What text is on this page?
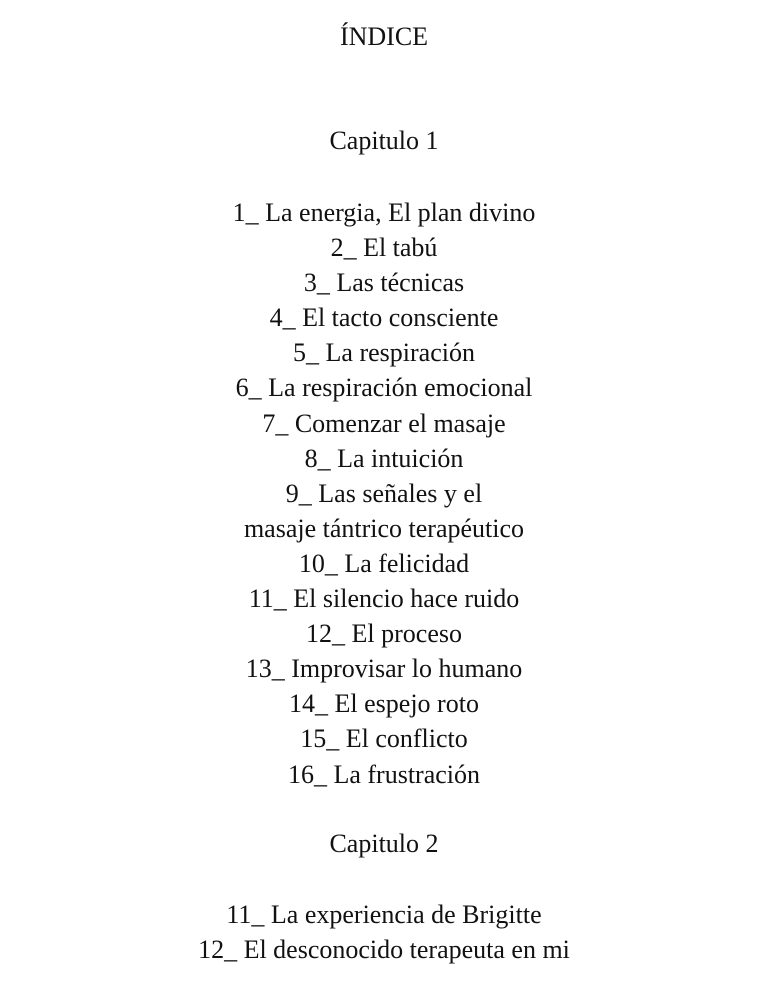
ÍNDICE
Capitulo 1
1_ La energia, El plan divino
2_ El tabú
3_ Las técnicas
4_ El tacto consciente
5_ La respiración
6_ La respiración emocional
7_ Comenzar el masaje
8_ La intuición
9_ Las señales y el
masaje tántrico terapéutico
10_ La felicidad
11_ El silencio hace ruido
12_ El proceso
13_ Improvisar lo humano
14_ El espejo roto
15_ El conflicto
16_ La frustración
Capitulo 2
11_ La experiencia de Brigitte
12_ El desconocido terapeuta en mi
